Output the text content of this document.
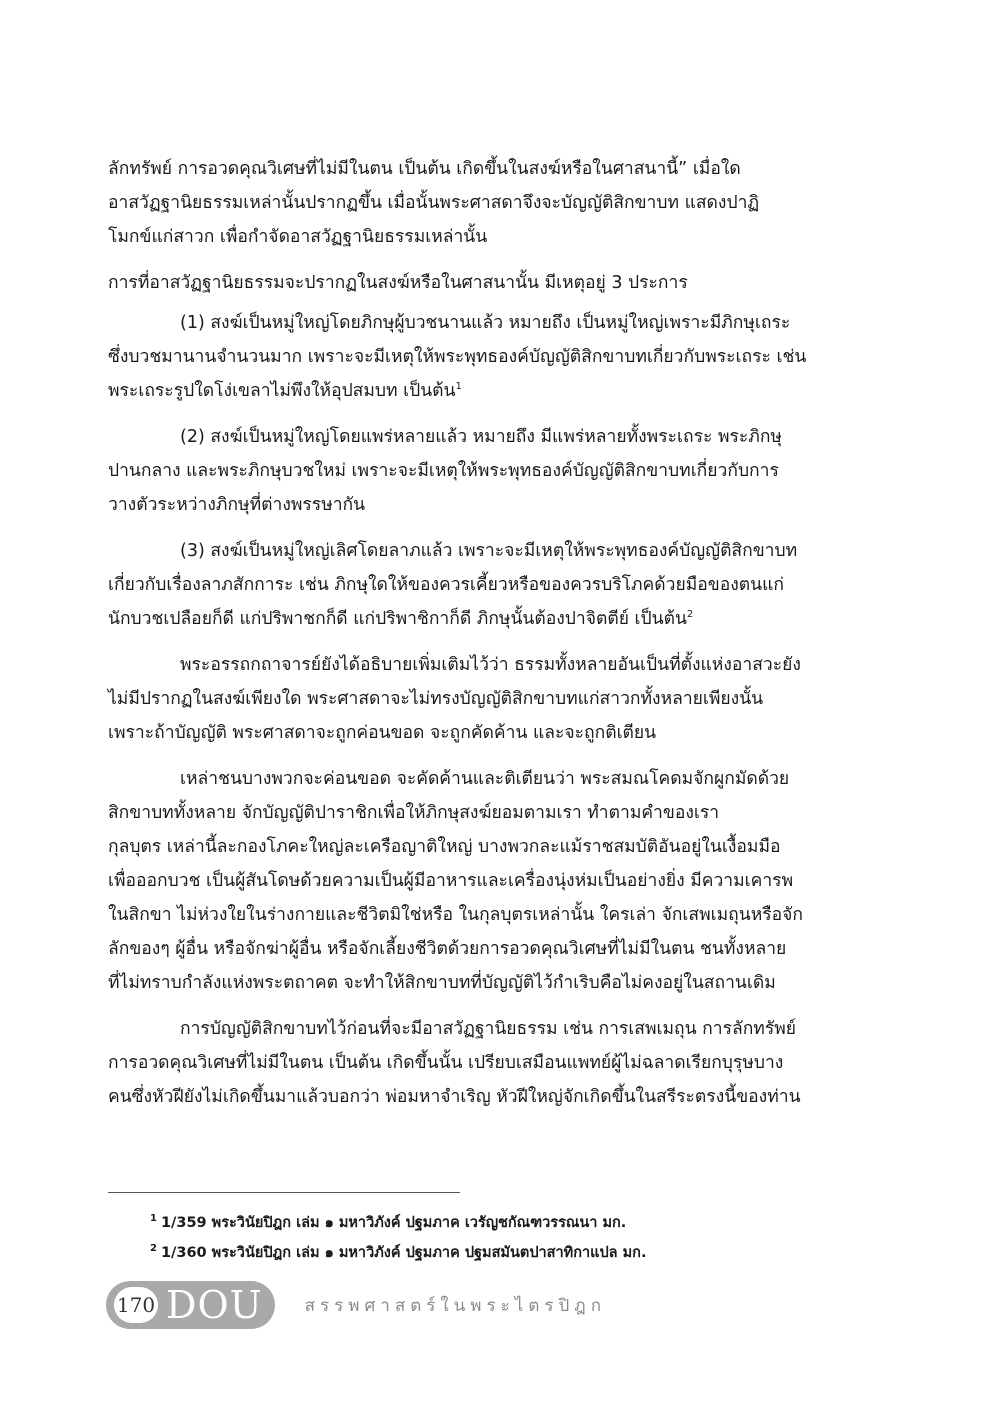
ลักทรัพย์ การอวดคุณวิเศษที่ไม่มีในตน เป็นต้น เกิดขึ้นในสงฆ์หรือในศาสนานี้” เมื่อใด
อาสวัฏฐานิยธรรมเหล่านั้นปรากฏขึ้น เมื่อนั้นพระศาสดาจึงจะบัญญัติสิกขาบท แสดงปาฏิ
โมกข์แก่สาวก เพื่อกำจัดอาสวัฏฐานิยธรรมเหล่านั้น
การที่อาสวัฏฐานิยธรรมจะปรากฏในสงฆ์หรือในศาสนานั้น มีเหตุอยู่ 3 ประการ
(1) สงฆ์เป็นหมู่ใหญ่โดยภิกษุผู้บวชนานแล้ว หมายถึง เป็นหมู่ใหญ่เพราะมีภิกษุเถระ
ซึ่งบวชมานานจำนวนมาก เพราะจะมีเหตุให้พระพุทธองค์บัญญัติสิกขาบทเกี่ยวกับพระเถระ เช่น
พระเถระรูปใดโง่เขลาไม่พึงให้อุปสมบท เป็นต้น$^1$
(2) สงฆ์เป็นหมู่ใหญ่โดยแพร่หลายแล้ว หมายถึง มีแพร่หลายทั้งพระเถระ พระภิกษุ
ปานกลาง และพระภิกษุบวชใหม่ เพราะจะมีเหตุให้พระพุทธองค์บัญญัติสิกขาบทเกี่ยวกับการ
วางตัวระหว่างภิกษุที่ต่างพรรษากัน
(3) สงฆ์เป็นหมู่ใหญ่เลิศโดยลาภแล้ว เพราะจะมีเหตุให้พระพุทธองค์บัญญัติสิกขาบท
เกี่ยวกับเรื่องลาภสักการะ เช่น ภิกษุใดให้ของควรเคี้ยวหรือของควรบริโภคด้วยมือของตนแก่
นักบวชเปลือยก็ดี แก่ปริพาชกก็ดี แก่ปริพาชิกาก็ดี ภิกษุนั้นต้องปาจิตตีย์ เป็นต้น$^2$
พระอรรถกถาจารย์ยังได้อธิบายเพิ่มเติมไว้ว่า ธรรมทั้งหลายอันเป็นที่ตั้งแห่งอาสวะยัง
ไม่มีปรากฏในสงฆ์เพียงใด พระศาสดาจะไม่ทรงบัญญัติสิกขาบทแก่สาวกทั้งหลายเพียงนั้น
เพราะถ้าบัญญัติ พระศาสดาจะถูกค่อนขอด จะถูกคัดค้าน และจะถูกติเตียน
เหล่าชนบางพวกจะค่อนขอด จะคัดค้านและติเตียนว่า พระสมณโคดมจักผูกมัดด้วย
สิกขาบททั้งหลาย จักบัญญัติปาราชิกเพื่อให้ภิกษุสงฆ์ยอมตามเรา ทำตามคำของเรา
กุลบุตร เหล่านี้ละกองโภคะใหญ่ละเครือญาติใหญ่ บางพวกละแม้ราชสมบัติอันอยู่ในเงื้อมมือ
เพื่อออกบวช เป็นผู้สันโดษด้วยความเป็นผู้มีอาหารและเครื่องนุ่งห่มเป็นอย่างยิ่ง มีความเคารพ
ในสิกขา ไม่ห่วงใยในร่างกายและชีวิตมิใช่หรือ ในกุลบุตรเหล่านั้น ใครเล่า จักเสพเมถุนหรือจัก
ลักของๆ ผู้อื่น หรือจักฆ่าผู้อื่น หรือจักเลี้ยงชีวิตด้วยการอวดคุณวิเศษที่ไม่มีในตน ชนทั้งหลาย
ที่ไม่ทราบกำลังแห่งพระตถาคต จะทำให้สิกขาบทที่บัญญัติไว้กำเริบคือไม่คงอยู่ในสถานเดิม
การบัญญัติสิกขาบทไว้ก่อนที่จะมีอาสวัฏฐานิยธรรม เช่น การเสพเมถุน การลักทรัพย์
การอวดคุณวิเศษที่ไม่มีในตน เป็นต้น เกิดขึ้นนั้น เปรียบเสมือนแพทย์ผู้ไม่ฉลาดเรียกบุรุษบาง
คนซึ่งหัวฝียังไม่เกิดขึ้นมาแล้วบอกว่า พ่อมหาจำเริญ หัวฝีใหญ่จักเกิดขึ้นในสรีระตรงนี้ของท่าน
$^1$ 1/359 พระวินัยปิฎก เล่ม ๑ มหาวิภังค์ ปฐมภาค เวรัญชกัณฑวรรณนา มก.
$^2$ 1/360 พระวินัยปิฎก เล่ม ๑ มหาวิภังค์ ปฐมภาค ปฐมสมันตปาสาทิกาแปล มก.
170 DOU สรรพศาสตร์ในพระไตรปิฎก
